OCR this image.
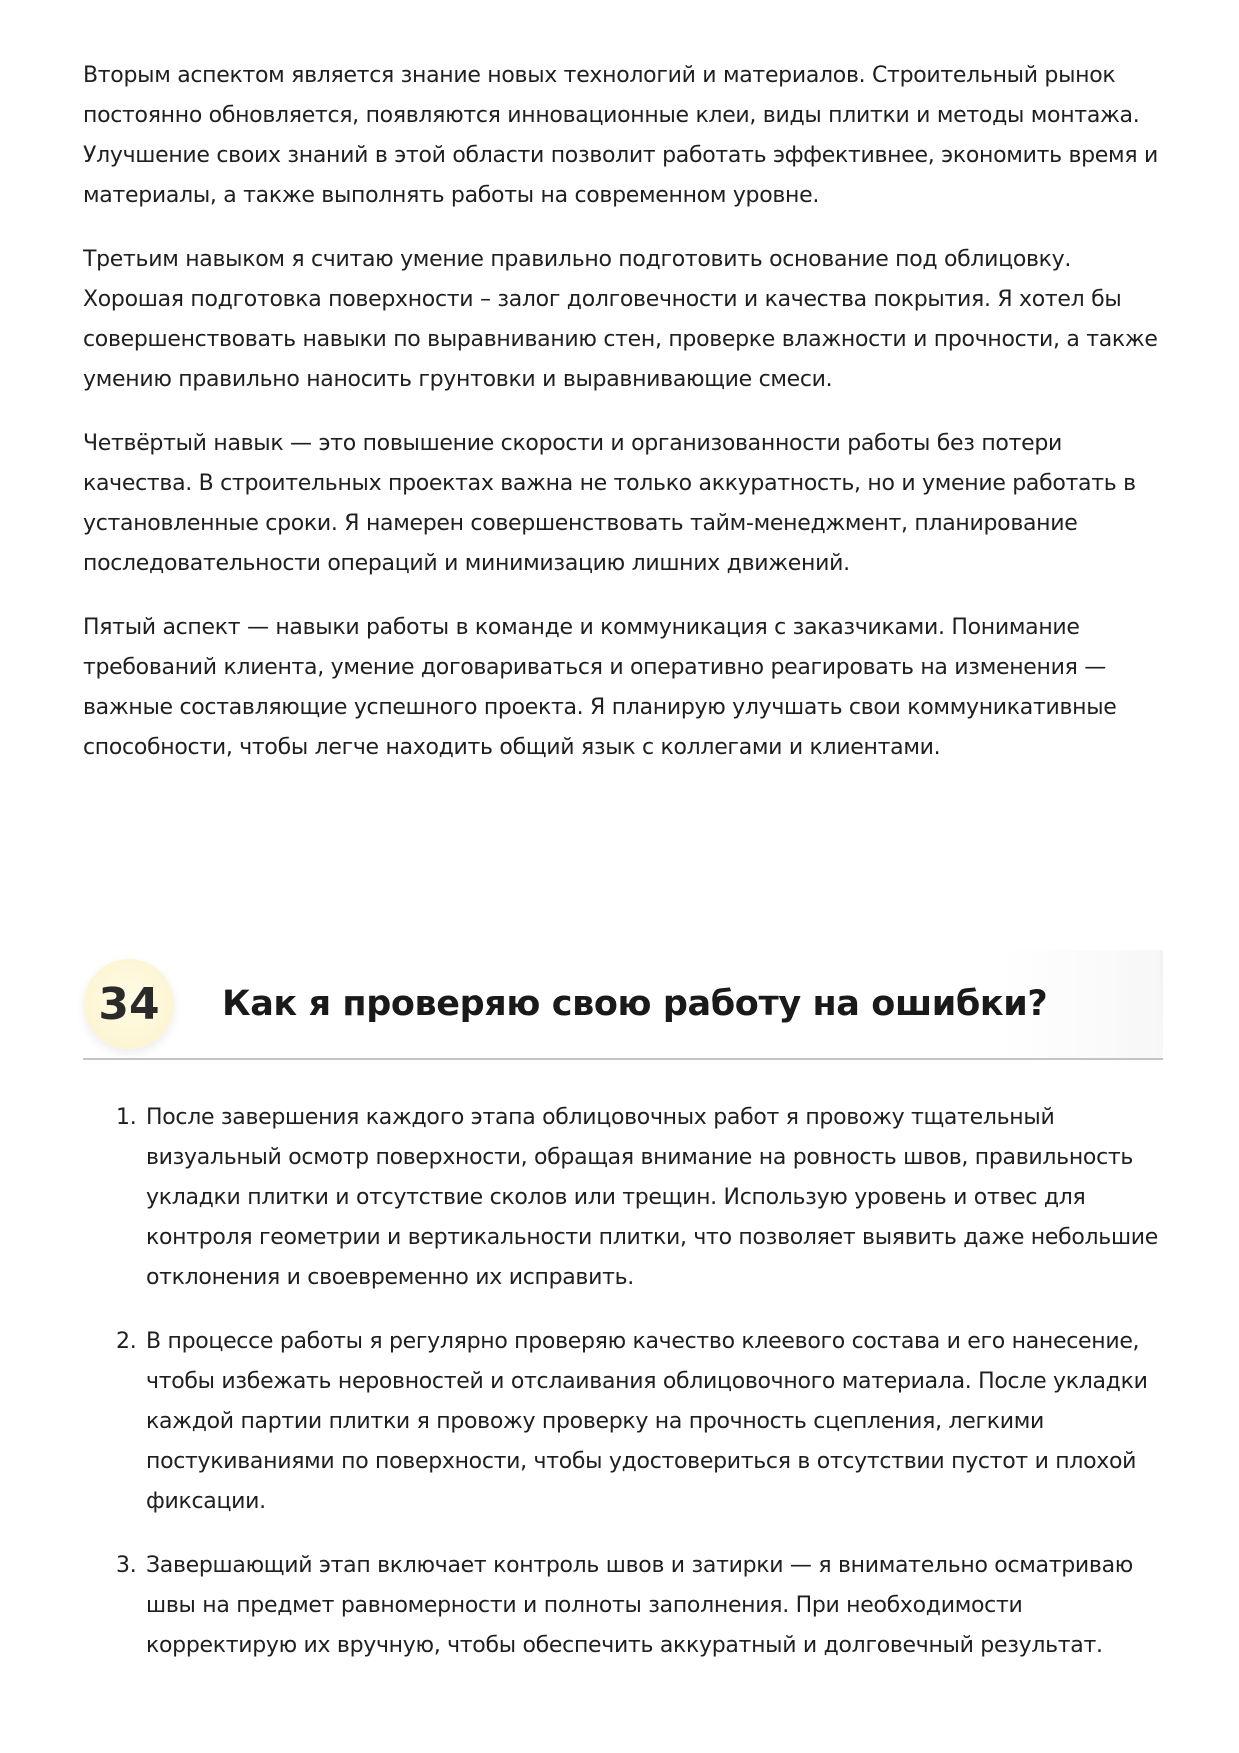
Вторым аспектом является знание новых технологий и материалов. Строительный рынок постоянно обновляется, появляются инновационные клеи, виды плитки и методы монтажа. Улучшение своих знаний в этой области позволит работать эффективнее, экономить время и материалы, а также выполнять работы на современном уровне.

Третьим навыком я считаю умение правильно подготовить основание под облицовку. Хорошая подготовка поверхности – залог долговечности и качества покрытия. Я хотел бы совершенствовать навыки по выравниванию стен, проверке влажности и прочности, а также умению правильно наносить грунтовки и выравнивающие смеси.

Четвёртый навык — это повышение скорости и организованности работы без потери качества. В строительных проектах важна не только аккуратность, но и умение работать в установленные сроки. Я намерен совершенствовать тайм-менеджмент, планирование последовательности операций и минимизацию лишних движений.

Пятый аспект — навыки работы в команде и коммуникация с заказчиками. Понимание требований клиента, умение договариваться и оперативно реагировать на изменения — важные составляющие успешного проекта. Я планирую улучшать свои коммуникативные способности, чтобы легче находить общий язык с коллегами и клиентами.

34	Как я проверяю свою работу на ошибки?
1. После завершения каждого этапа облицовочных работ я провожу тщательный визуальный осмотр поверхности, обращая внимание на ровность швов, правильность укладки плитки и отсутствие сколов или трещин. Использую уровень и отвес для контроля геометрии и вертикальности плитки, что позволяет выявить даже небольшие отклонения и своевременно их исправить.
2. В процессе работы я регулярно проверяю качество клеевого состава и его нанесение, чтобы избежать неровностей и отслаивания облицовочного материала. После укладки каждой партии плитки я провожу проверку на прочность сцепления, легкими постукиваниями по поверхности, чтобы удостовериться в отсутствии пустот и плохой фиксации.
3. Завершающий этап включает контроль швов и затирки — я внимательно осматриваю швы на предмет равномерности и полноты заполнения. При необходимости корректирую их вручную, чтобы обеспечить аккуратный и долговечный результат.
